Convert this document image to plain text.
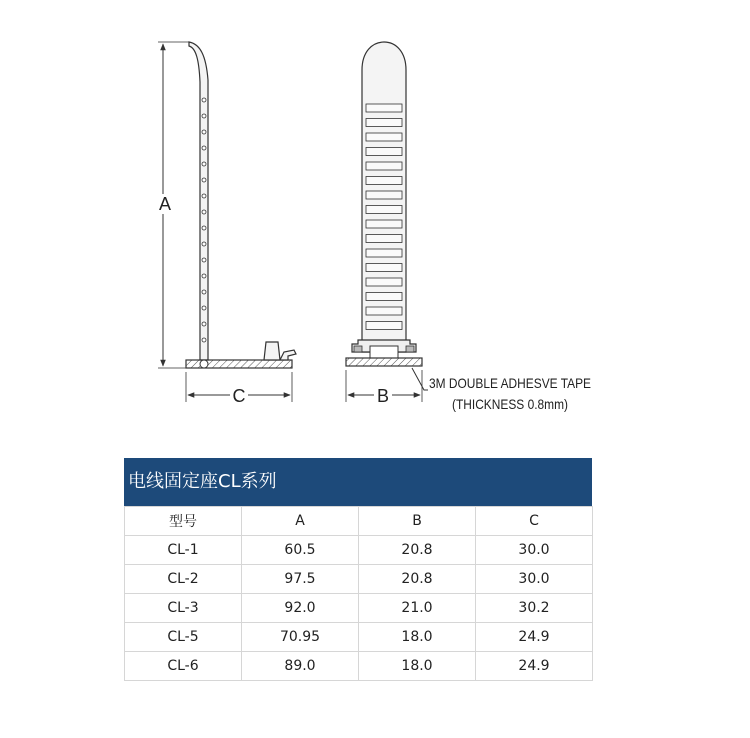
A
C	B
3M DOUBLE ADHESVE TAPE
(THICKNESS 0.8mm)
电线固定座CL系列
型号	A	B	C
CL-1	60.5	20.8	30.0
CL-2	97.5	20.8	30.0
CL-3	92.0	21.0	30.2
CL-5	70.95	18.0	24.9
CL-6	89.0	18.0	24.9
